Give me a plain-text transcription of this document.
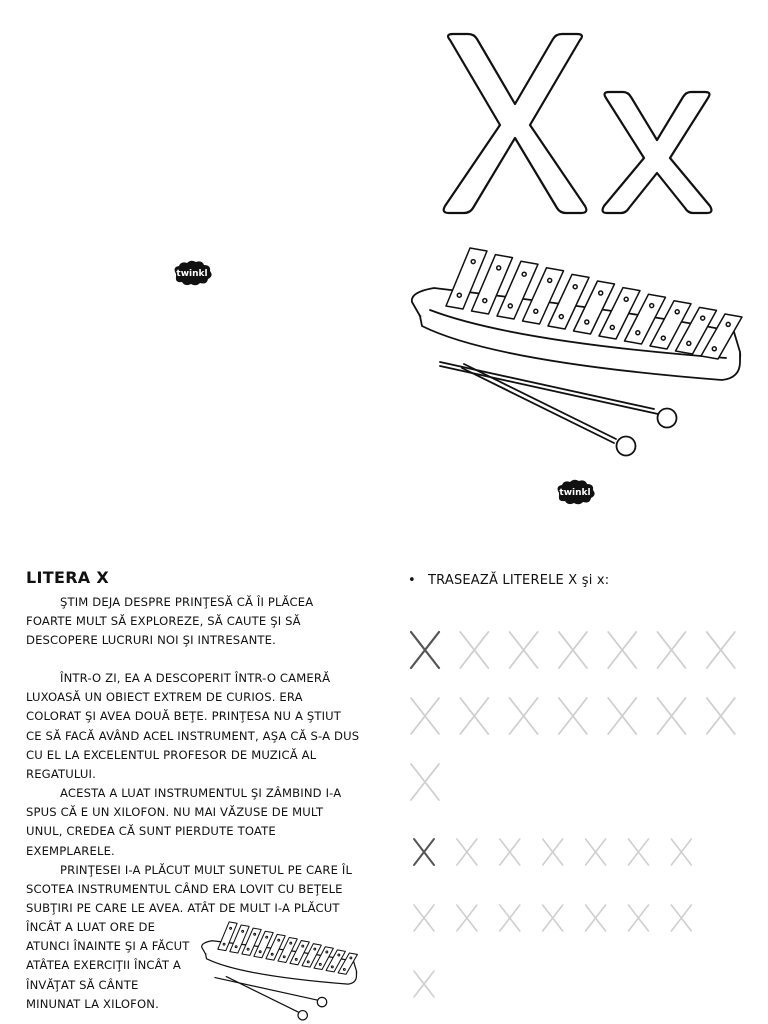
twinkl
twinkl
LITERA X

ŞTIM DEJA DESPRE PRINŢESĂ CĂ ÎI PLĂCEA FOARTE MULT SĂ EXPLOREZE, SĂ CAUTE ŞI SĂ DESCOPERE LUCRURI NOI ŞI INTRESANTE.

ÎNTR-O ZI, EA A DESCOPERIT ÎNTR-O CAMERĂ LUXOASĂ UN OBIECT EXTREM DE CURIOS. ERA COLORAT ŞI AVEA DOUĂ BEŢE. PRINŢESA NU A ŞTIUT CE SĂ FACĂ AVÂND ACEL INSTRUMENT, AŞA CĂ S-A DUS CU EL LA EXCELENTUL PROFESOR DE MUZICĂ AL REGATULUI.

ACESTA A LUAT INSTRUMENTUL ŞI ZÂMBIND I-A SPUS CĂ E UN XILOFON. NU MAI VĂZUSE DE MULT UNUL, CREDEA CĂ SUNT PIERDUTE TOATE EXEMPLARELE.

PRINŢESEI I-A PLĂCUT MULT SUNETUL PE CARE ÎL SCOTEA INSTRUMENTUL CÂND ERA LOVIT CU BEŢELE SUBŢIRI PE CARE LE AVEA. ATÂT DE MULT I-A PLĂCUT

ÎNCÂT A LUAT ORE DE ATUNCI ÎNAINTE ŞI A FĂCUT ATÂTEA EXERCIŢII ÎNCÂT A ÎNVĂŢAT SĂ CÂNTE MINUNAT LA XILOFON.

• TRASEAZĂ LITERELE X şi x:
